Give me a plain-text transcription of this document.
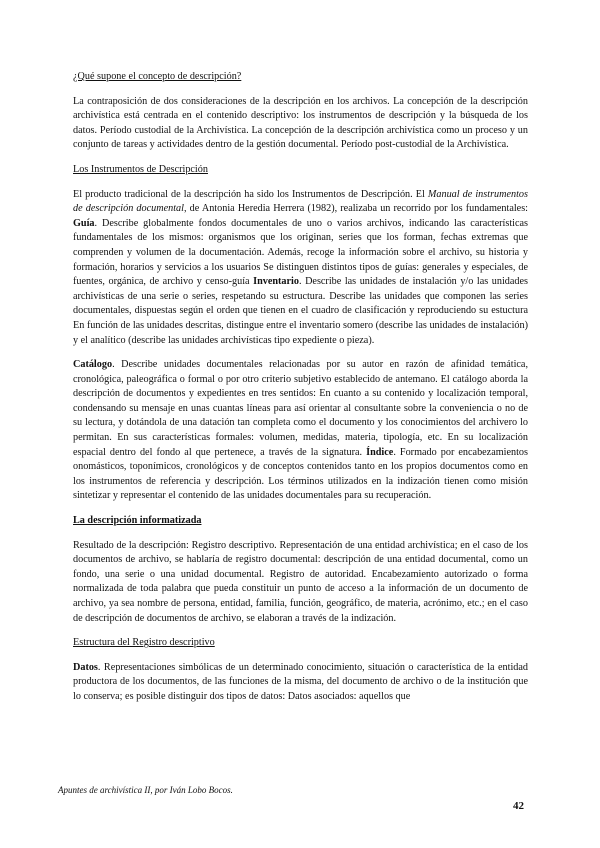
¿Qué supone el concepto de descripción?

La contraposición de dos consideraciones de la descripción en los archivos. La concepción de la descripción archivística está centrada en el contenido descriptivo: los instrumentos de descripción y la búsqueda de los datos. Período custodial de la Archivística. La concepción de la descripción archivística como un proceso y un conjunto de tareas y actividades dentro de la gestión documental. Período post-custodial de la Archivística.

Los Instrumentos de Descripción

El producto tradicional de la descripción ha sido los Instrumentos de Descripción. El Manual de instrumentos de descripción documental, de Antonia Heredia Herrera (1982), realizaba un recorrido por los fundamentales: Guía. Describe globalmente fondos documentales de uno o varios archivos, indicando las características fundamentales de los mismos: organismos que los originan, series que los forman, fechas extremas que comprenden y volumen de la documentación. Además, recoge la información sobre el archivo, su historia y formación, horarios y servicios a los usuarios Se distinguen distintos tipos de guías: generales y especiales, de fuentes, orgánica, de archivo y censo-guía Inventario. Describe las unidades de instalación y/o las unidades archivísticas de una serie o series, respetando su estructura. Describe las unidades que componen las series documentales, dispuestas según el orden que tienen en el cuadro de clasificación y reproduciendo su estuctura En función de las unidades descritas, distingue entre el inventario somero (describe las unidades de instalación) y el analítico (describe las unidades archivísticas tipo expediente o pieza).

Catálogo. Describe unidades documentales relacionadas por su autor en razón de afinidad temática, cronológica, paleográfica o formal o por otro criterio subjetivo establecido de antemano. El catálogo aborda la descripción de documentos y expedientes en tres sentidos: En cuanto a su contenido y localización temporal, condensando su mensaje en unas cuantas líneas para así orientar al consultante sobre la conveniencia o no de su lectura, y dotándola de una datación tan completa como el documento y los conocimientos del archivero lo permitan. En sus características formales: volumen, medidas, materia, tipología, etc. En su localización espacial dentro del fondo al que pertenece, a través de la signatura. Índice. Formado por encabezamientos onomásticos, toponímicos, cronológicos y de conceptos contenidos tanto en los propios documentos como en los instrumentos de referencia y descripción. Los términos utilizados en la indización tienen como misión sintetizar y representar el contenido de las unidades documentales para su recuperación.

La descripción informatizada

Resultado de la descripción: Registro descriptivo. Representación de una entidad archivística; en el caso de los documentos de archivo, se hablaría de registro documental: descripción de una entidad documental, como un fondo, una serie o una unidad documental. Registro de autoridad. Encabezamiento autorizado o forma normalizada de toda palabra que pueda constituir un punto de acceso a la información de un documento de archivo, ya sea nombre de persona, entidad, familia, función, geográfico, de materia, acrónimo, etc.; en el caso de descripción de documentos de archivo, se elaboran a través de la indización.

Estructura del Registro descriptivo

Datos. Representaciones simbólicas de un determinado conocimiento, situación o característica de la entidad productora de los documentos, de las funciones de la misma, del documento de archivo o de la institución que lo conserva; es posible distinguir dos tipos de datos: Datos asociados: aquellos que

Apuntes de archivística II, por Iván Lobo Bocos.
42
